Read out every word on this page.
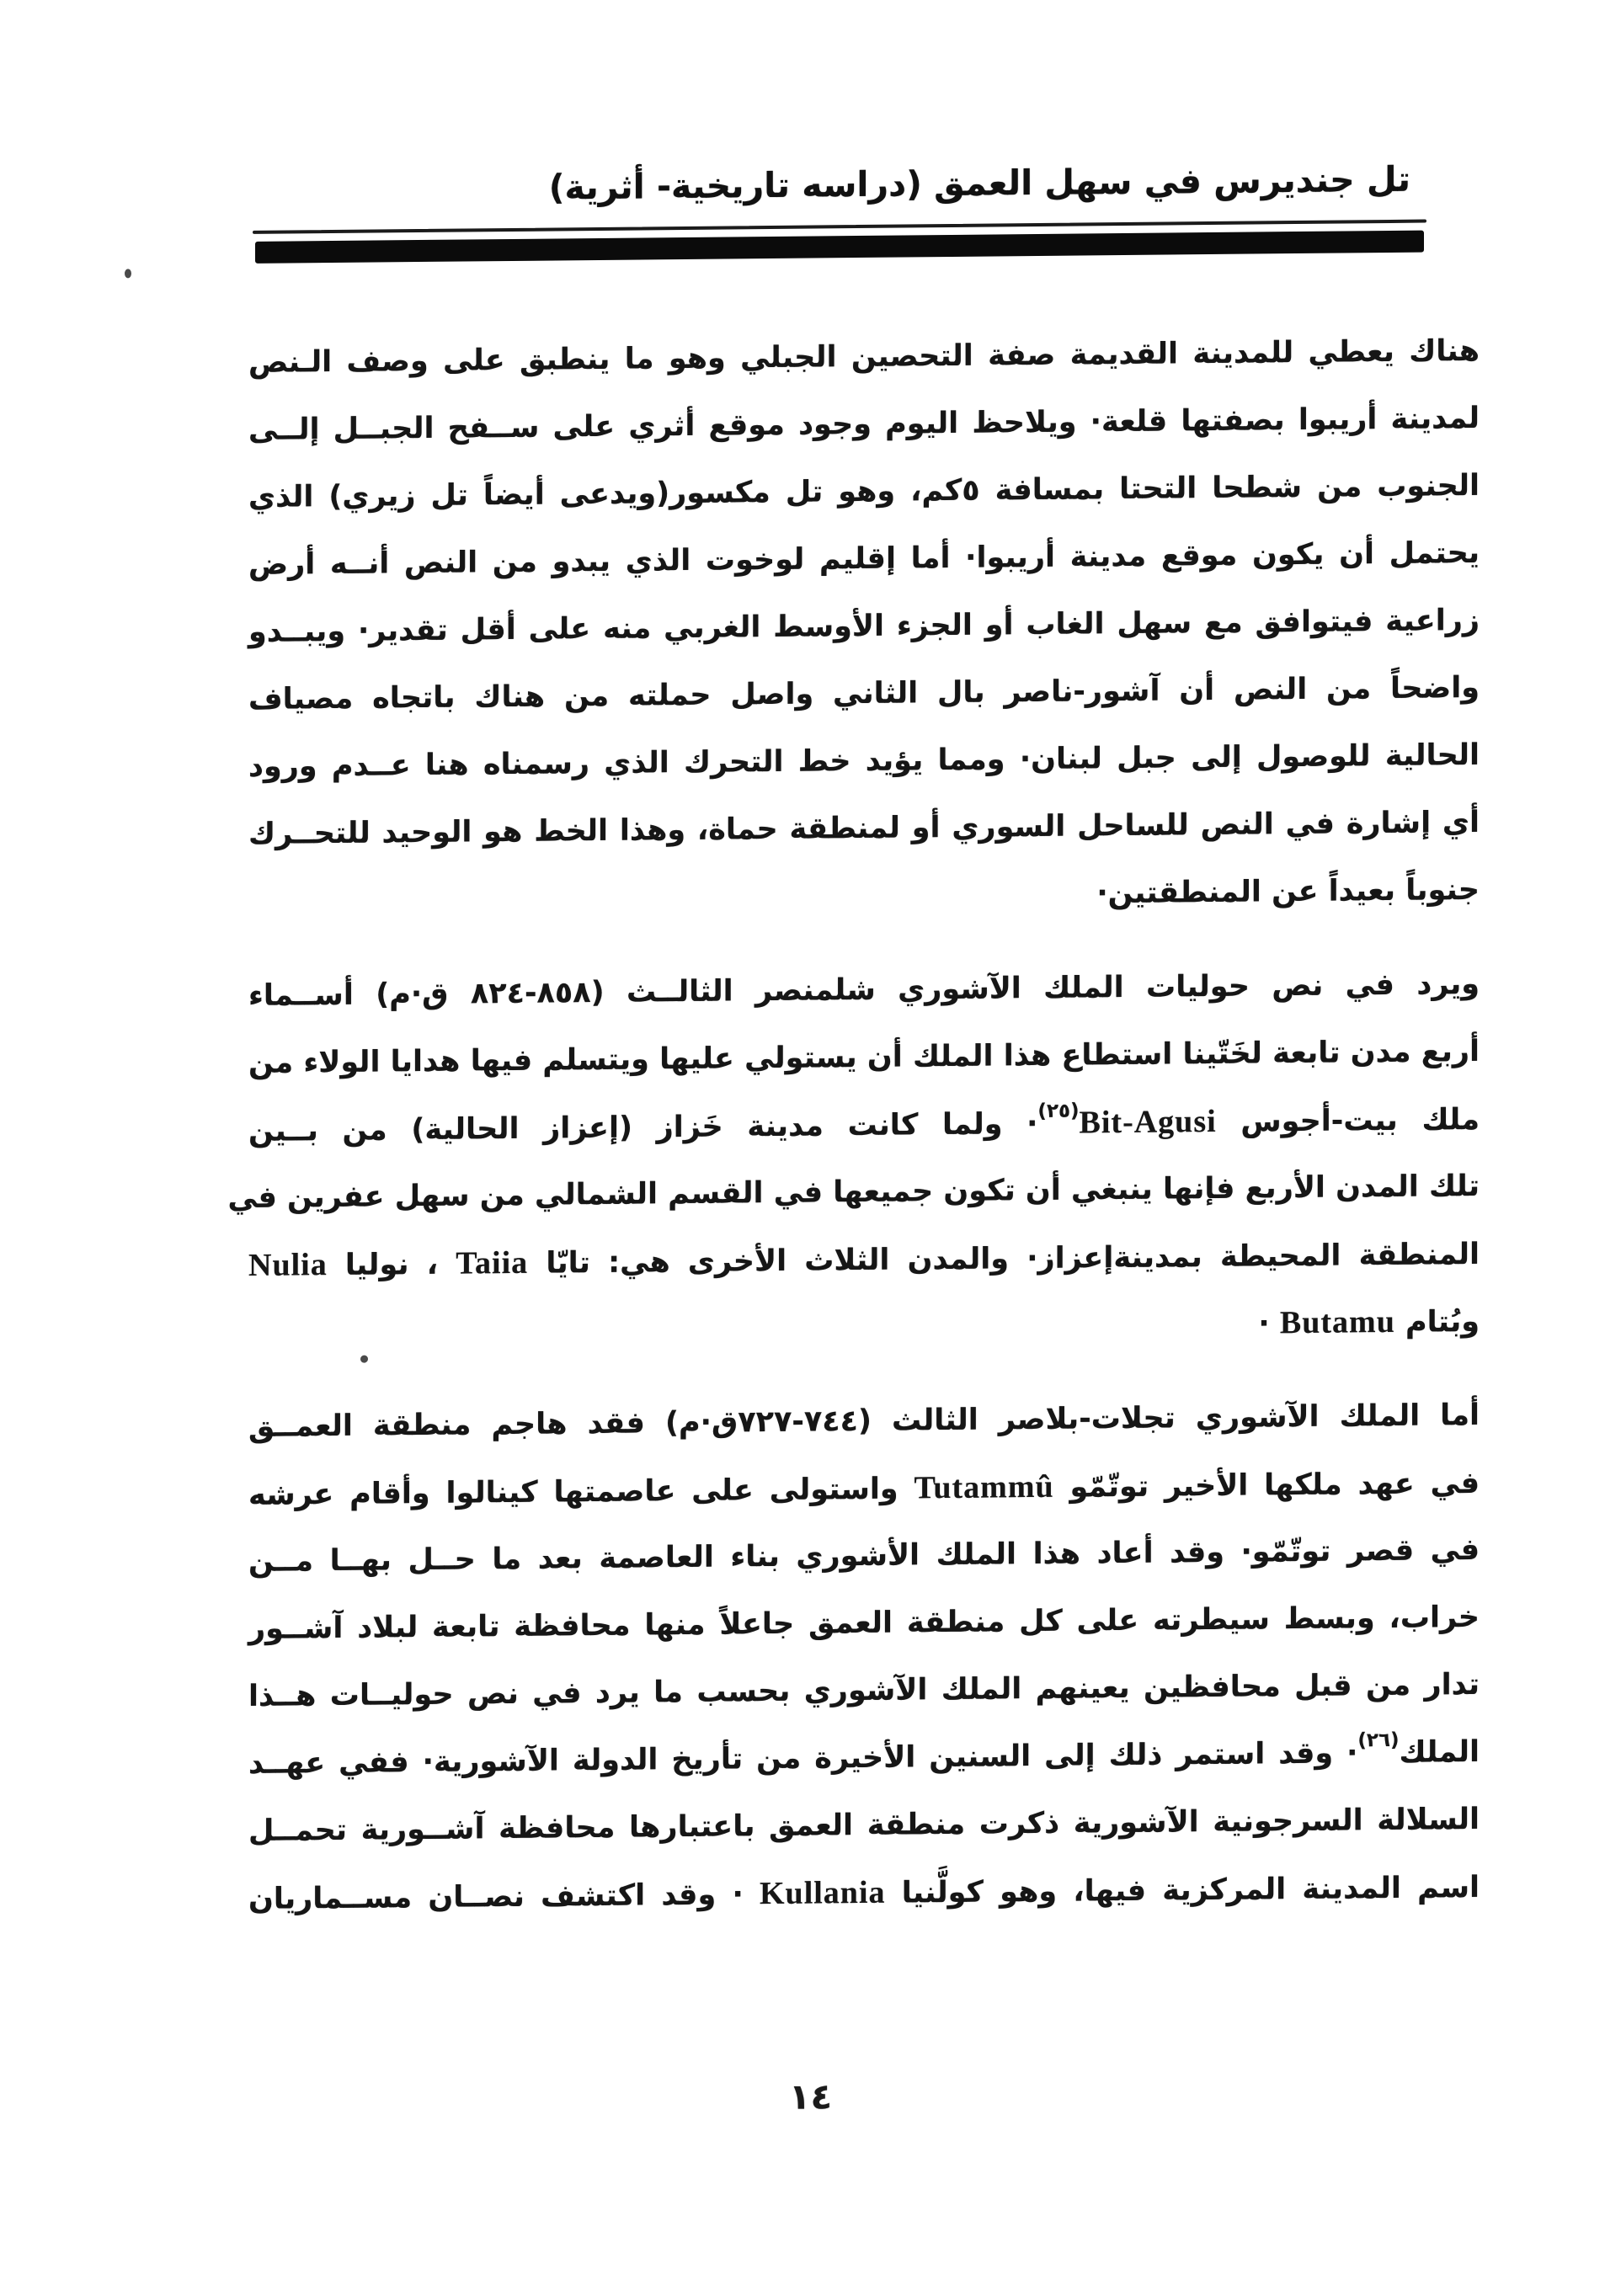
تل جنديرس في سهل العمق (دراسه تاريخية- أثرية)
هناك يعطي للمدينة القديمة صفة التحصين الجبلي وهو ما ينطبق على وصف الـنص
لمدينة أريبوا بصفتها قلعة· ويلاحظ اليوم وجود موقع أثري على ســفح الجبــل إلــى
الجنوب من شطحا التحتا بمسافة ٥كم، وهو تل مكسور(ويدعى أيضاً تل زيري) الذي
يحتمل أن يكون موقع مدينة أريبوا· أما إقليم لوخوت الذي يبدو من النص أنــه أرض
زراعية فيتوافق مع سهل الغاب أو الجزء الأوسط الغربي منه على أقل تقدير· ويبــدو
واضحاً من النص أن آشور-ناصر بال الثاني واصل حملته من هناك باتجاه مصياف
الحالية للوصول إلى جبل لبنان· ومما يؤيد خط التحرك الذي رسمناه هنا عــدم ورود
أي إشارة في النص للساحل السوري أو لمنطقة حماة، وهذا الخط هو الوحيد للتحــرك
جنوباً بعيداً عن المنطقتين·
ويرد في نص حوليات الملك الآشوري شلمنصر الثالــث (٨٥٨-٨٢٤ ق·م) أســماء
أربع مدن تابعة لخَتّينا استطاع هذا الملك أن يستولي عليها ويتسلم فيها هدايا الولاء من
ملك بيت-أجوس Bit-Agusi$^{(٢٥)}$· ولما كانت مدينة خَزاز (إعزاز الحالية) من بــين
تلك المدن الأربع فإنها ينبغي أن تكون جميعها في القسم الشمالي من سهل عفرين في
المنطقة المحيطة بمدينةإعزاز· والمدن الثلاث الأخرى هي: تايّا Taiia ، نوليا Nulia
وبُتام Butamu ·
أما الملك الآشوري تجلات-بلاصر الثالث (٧٤٤-٧٢٧ق·م) فقد هاجم منطقة العمــق
في عهد ملكها الأخير توتّمّو Tutammû واستولى على عاصمتها كينالوا وأقام عرشه
في قصر توتّمّو· وقد أعاد هذا الملك الأشوري بناء العاصمة بعد ما حــل بهــا مــن
خراب، وبسط سيطرته على كل منطقة العمق جاعلاً منها محافظة تابعة لبلاد آشــور
تدار من قبل محافظين يعينهم الملك الآشوري بحسب ما يرد في نص حوليــات هــذا
الملك$^{(٢٦)}$· وقد استمر ذلك إلى السنين الأخيرة من تأريخ الدولة الآشورية· ففي عهــد
السلالة السرجونية الآشورية ذكرت منطقة العمق باعتبارها محافظة آشــورية تحمــل
اسم المدينة المركزية فيها، وهو كولَّنيا Kullania · وقد اكتشف نصــان مســماريان
١٤
